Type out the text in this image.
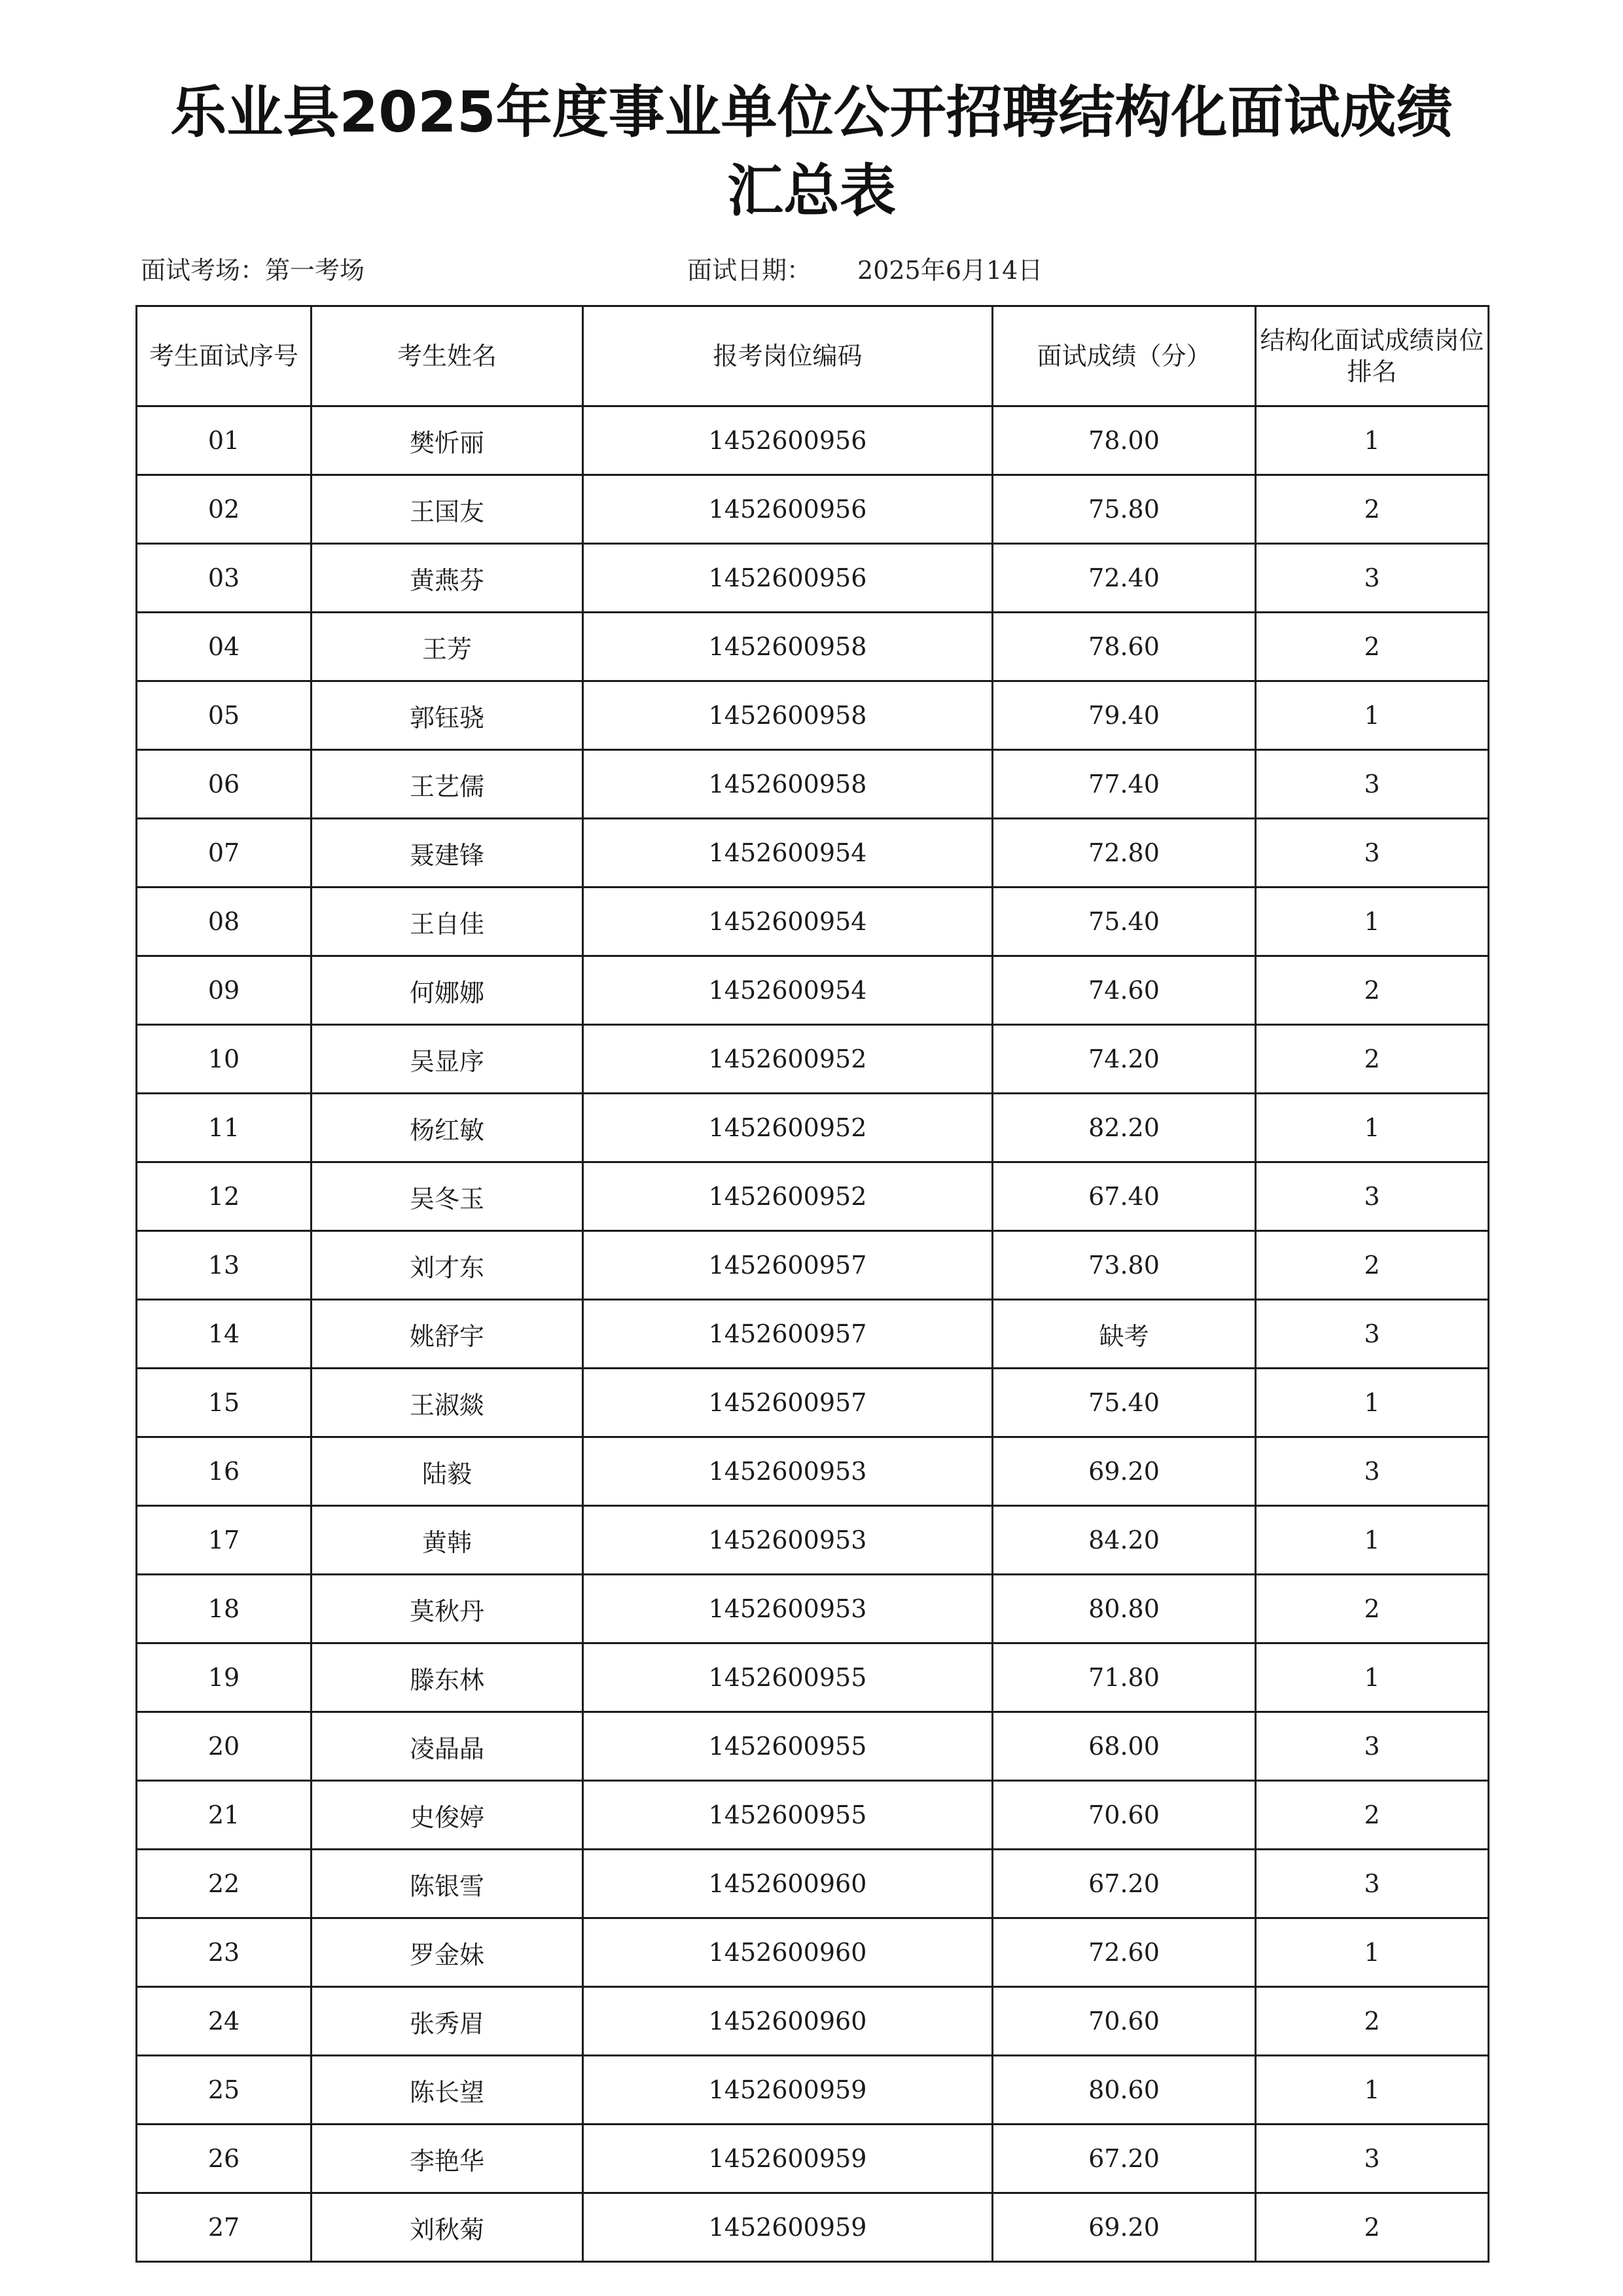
乐业县2025年度事业单位公开招聘结构化面试成绩
汇总表
面试考场：第一考场	面试日期： 2025年6月14日
考生面试序号	考生姓名	报考岗位编码	面试成绩（分）	结构化面试成绩岗位排名
01	樊忻丽	1452600956	78.00	1
02	王国友	1452600956	75.80	2
03	黄燕芬	1452600956	72.40	3
04	王芳	1452600958	78.60	2
05	郭钰骁	1452600958	79.40	1
06	王艺儒	1452600958	77.40	3
07	聂建锋	1452600954	72.80	3
08	王自佳	1452600954	75.40	1
09	何娜娜	1452600954	74.60	2
10	吴显序	1452600952	74.20	2
11	杨红敏	1452600952	82.20	1
12	吴冬玉	1452600952	67.40	3
13	刘才东	1452600957	73.80	2
14	姚舒宇	1452600957	缺考	3
15	王淑燚	1452600957	75.40	1
16	陆毅	1452600953	69.20	3
17	黄韩	1452600953	84.20	1
18	莫秋丹	1452600953	80.80	2
19	滕东林	1452600955	71.80	1
20	凌晶晶	1452600955	68.00	3
21	史俊婷	1452600955	70.60	2
22	陈银雪	1452600960	67.20	3
23	罗金妹	1452600960	72.60	1
24	张秀眉	1452600960	70.60	2
25	陈长望	1452600959	80.60	1
26	李艳华	1452600959	67.20	3
27	刘秋菊	1452600959	69.20	2
